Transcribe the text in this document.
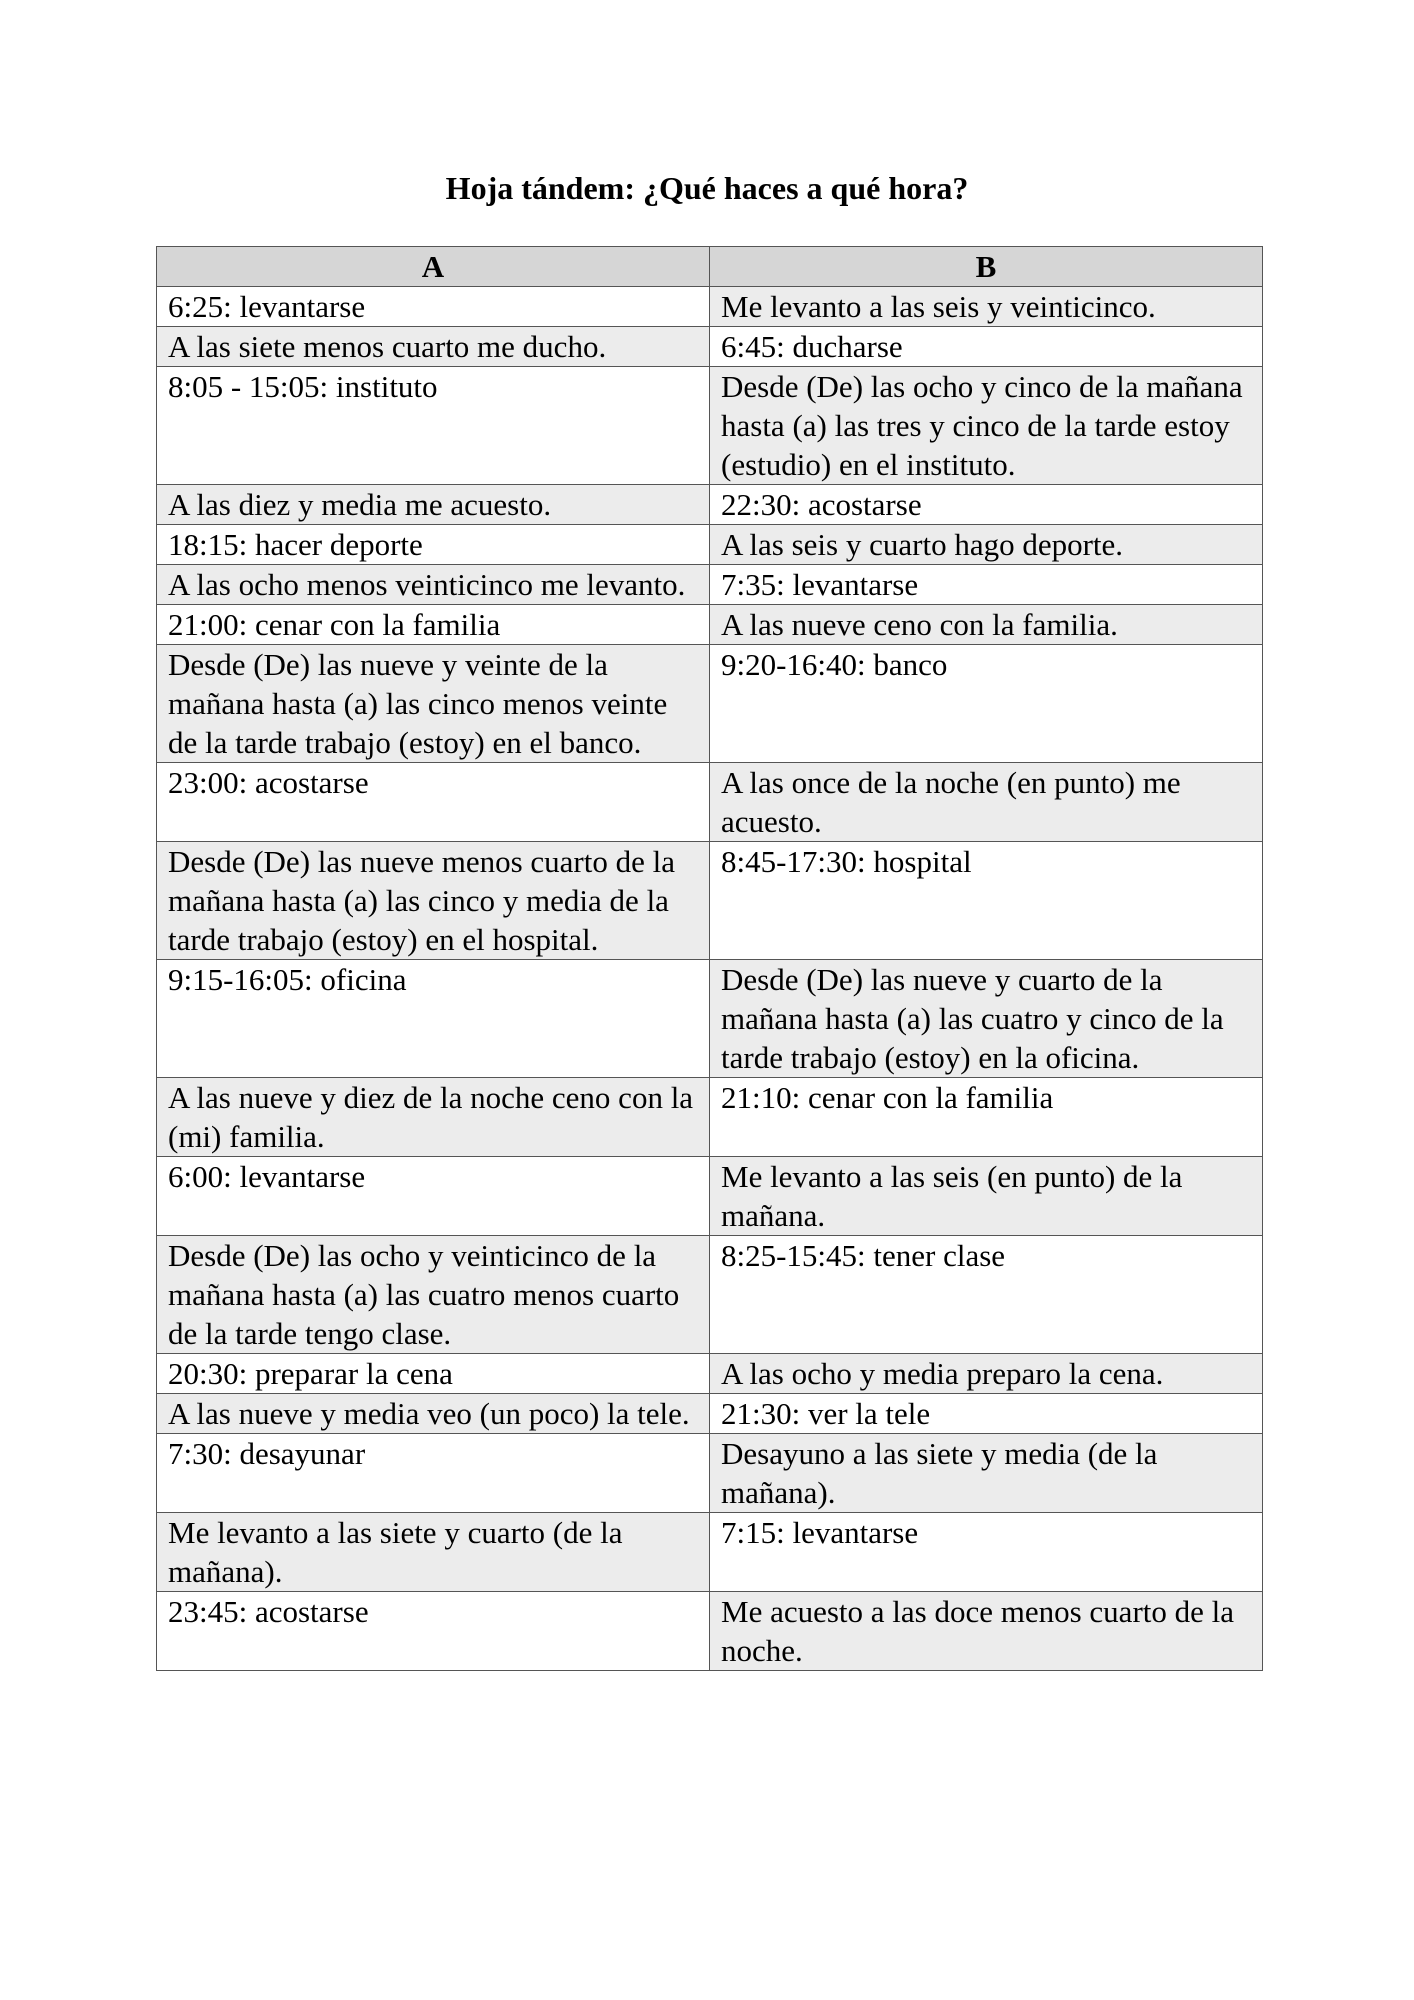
Hoja tándem: ¿Qué haces a qué hora?
A	B
6:25: levantarse	Me levanto a las seis y veinticinco.
A las siete menos cuarto me ducho.	6:45: ducharse
8:05 - 15:05: instituto	Desde (De) las ocho y cinco de la mañana hasta (a) las tres y cinco de la tarde estoy (estudio) en el instituto.
A las diez y media me acuesto.	22:30: acostarse
18:15: hacer deporte	A las seis y cuarto hago deporte.
A las ocho menos veinticinco me levanto.	7:35: levantarse
21:00: cenar con la familia	A las nueve ceno con la familia.
Desde (De) las nueve y veinte de la mañana hasta (a) las cinco menos veinte de la tarde trabajo (estoy) en el banco.	9:20-16:40: banco
23:00: acostarse	A las once de la noche (en punto) me acuesto.
Desde (De) las nueve menos cuarto de la mañana hasta (a) las cinco y media de la tarde trabajo (estoy) en el hospital.	8:45-17:30: hospital
9:15-16:05: oficina	Desde (De) las nueve y cuarto de la mañana hasta (a) las cuatro y cinco de la tarde trabajo (estoy) en la oficina.
A las nueve y diez de la noche ceno con la (mi) familia.	21:10: cenar con la familia
6:00: levantarse	Me levanto a las seis (en punto) de la mañana.
Desde (De) las ocho y veinticinco de la mañana hasta (a) las cuatro menos cuarto de la tarde tengo clase.	8:25-15:45: tener clase
20:30: preparar la cena	A las ocho y media preparo la cena.
A las nueve y media veo (un poco) la tele.	21:30: ver la tele
7:30: desayunar	Desayuno a las siete y media (de la mañana).
Me levanto a las siete y cuarto (de la mañana).	7:15: levantarse
23:45: acostarse	Me acuesto a las doce menos cuarto de la noche.
